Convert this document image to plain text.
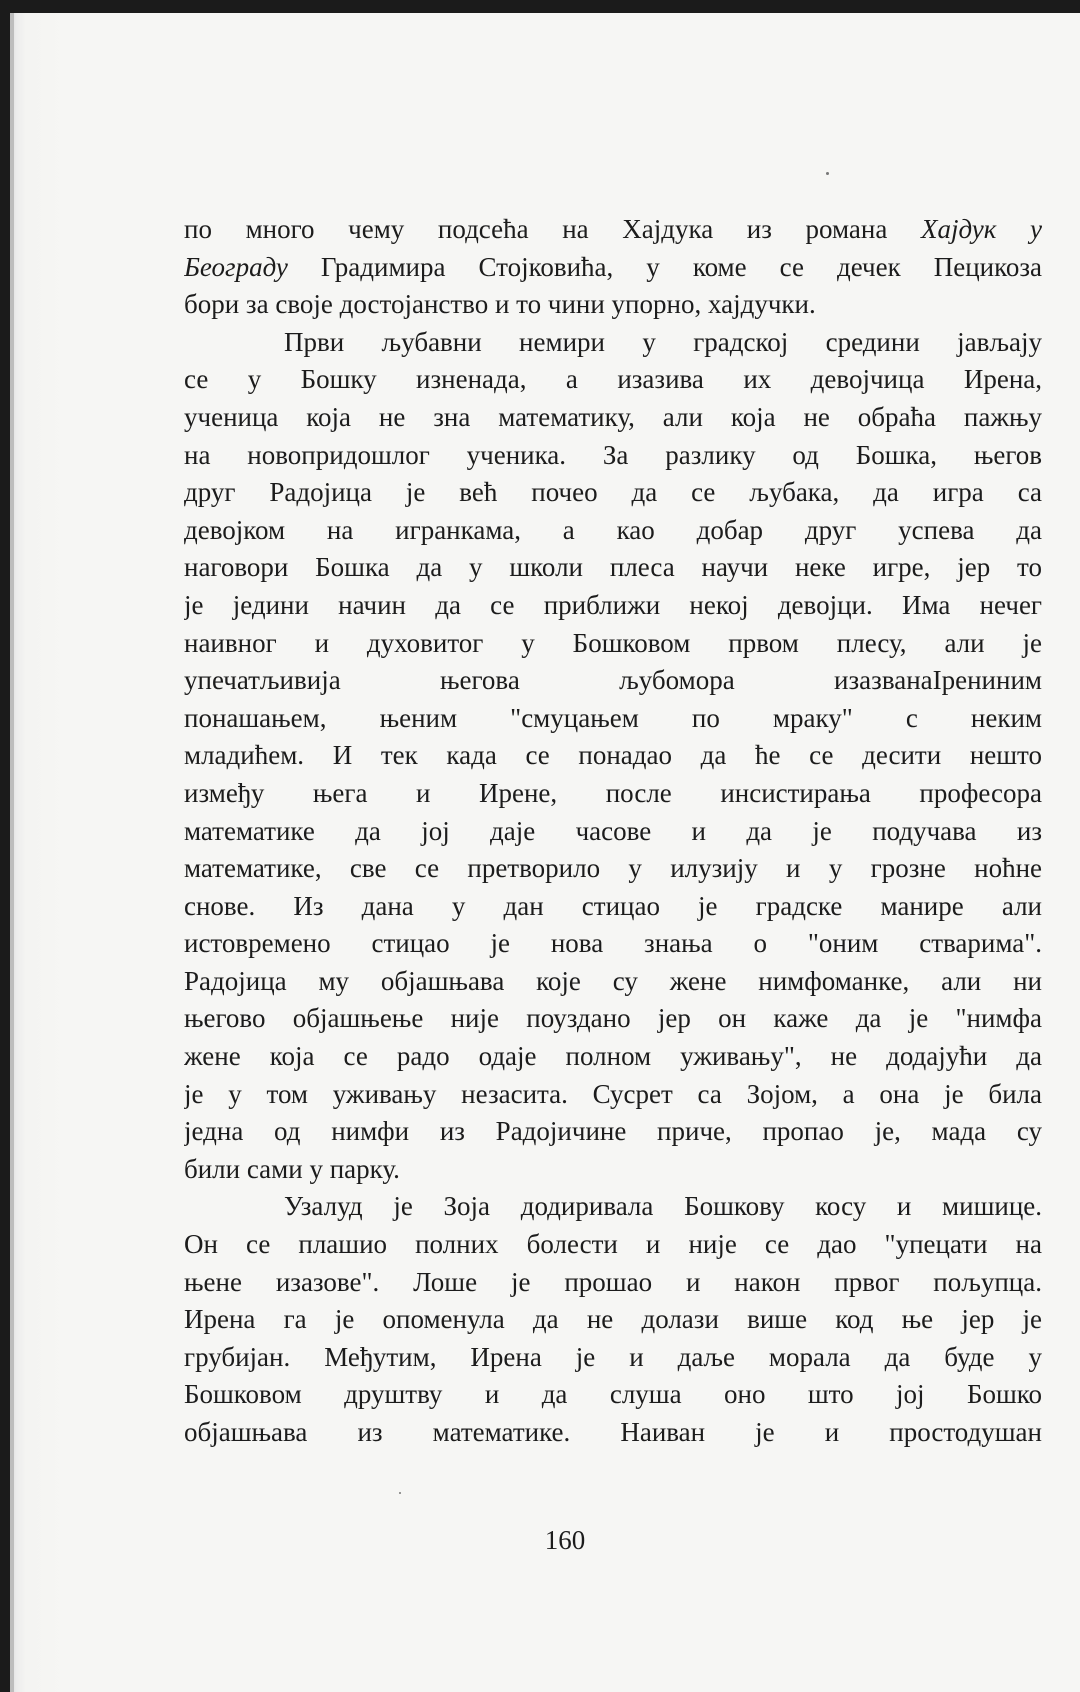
по много чему подсећа на Хајдука из романа Хајдук у
Београду Градимира Стојковића, у коме се дечек Пецикоза
бори за своје достојанство и то чини упорно, хајдучки.
Први љубавни немири у градској средини јављају
се у Бошку изненада, а изазива их девојчица Ирена,
ученица која не зна математику, али која не обраћа пажњу
на новопридошлог ученика. За разлику од Бошка, његов
друг Радојица је већ почео да се љубака, да игра са
девојком на игранкама, а као добар друг успева да
наговори Бошка да у школи плеса научи неке игре, јер то
је једини начин да се приближи некој девојци. Има нечег
наивног и духовитог у Бошковом првом плесу, али је
упечатљивија његова љубомора изазванаІрениним
понашањем, њеним "смуцањем по мраку" с неким
младићем. И тек када се понадао да ће се десити нешто
између њега и Ирене, после инсистирања професора
математике да јој даје часове и да је подучава из
математике, све се претворило у илузију и у грозне ноћне
снове. Из дана у дан стицао је градске манире али
истовремено стицао је нова знања о "оним стварима".
Радојица му објашњава које су жене нимфоманке, али ни
његово објашњење није поуздано јер он каже да је "нимфа
жене која се радо одаје полном уживању", не додајући да
је у том уживању незасита. Сусрет са Зојом, а она је била
једна од нимфи из Радојичине приче, пропао је, мада су
били сами у парку.
Узалуд је Зоја додиривала Бошкову косу и мишице.
Он се плашио полних болести и није се дао "упецати на
њене изазове". Лоше је прошао и након првог пољупца.
Ирена га је опоменула да не долази више код ње јер је
грубијан. Међутим, Ирена је и даље морала да буде у
Бошковом друштву и да слуша оно што јој Бошко
објашњава из математике. Наиван је и простодушан
160
